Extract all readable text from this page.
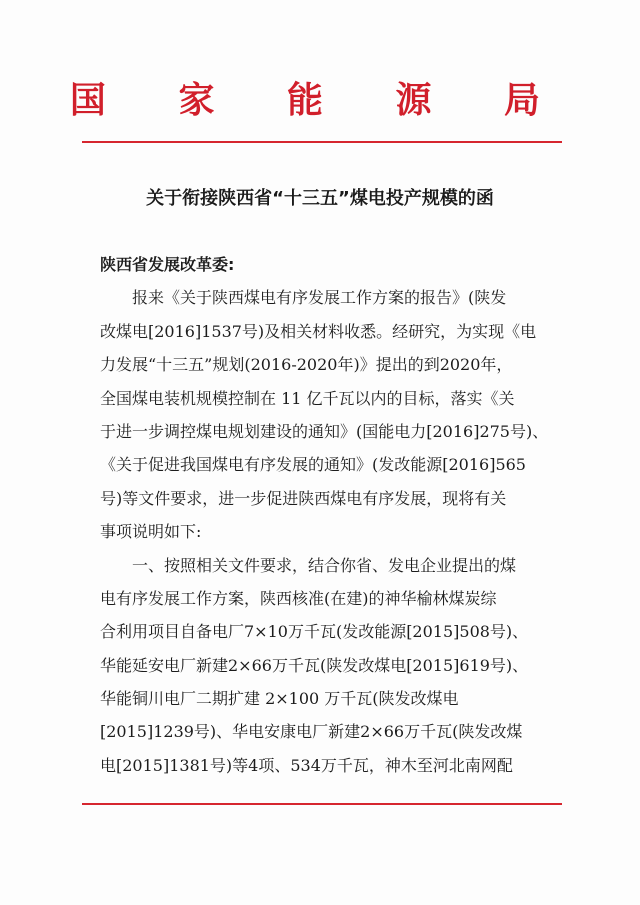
国 家 能 源 局
关于衔接陕西省“十三五”煤电投产规模的函
陕西省发展改革委:
报来《关于陕西煤电有序发展工作方案的报告》(陕发
改煤电[2016]1537号)及相关材料收悉。经研究，为实现《电
力发展“十三五”规划(2016-2020年)》提出的到2020年，
全国煤电装机规模控制在 11 亿千瓦以内的目标，落实《关
于进一步调控煤电规划建设的通知》(国能电力[2016]275号)、
《关于促进我国煤电有序发展的通知》(发改能源[2016]565
号)等文件要求，进一步促进陕西煤电有序发展，现将有关
事项说明如下:
一、按照相关文件要求，结合你省、发电企业提出的煤
电有序发展工作方案，陕西核准(在建)的神华榆林煤炭综
合利用项目自备电厂7×10万千瓦(发改能源[2015]508号)、
华能延安电厂新建2×66万千瓦(陕发改煤电[2015]619号)、
华能铜川电厂二期扩建 2×100 万千瓦(陕发改煤电
[2015]1239号)、华电安康电厂新建2×66万千瓦(陕发改煤
电[2015]1381号)等4项、534万千瓦，神木至河北南网配
